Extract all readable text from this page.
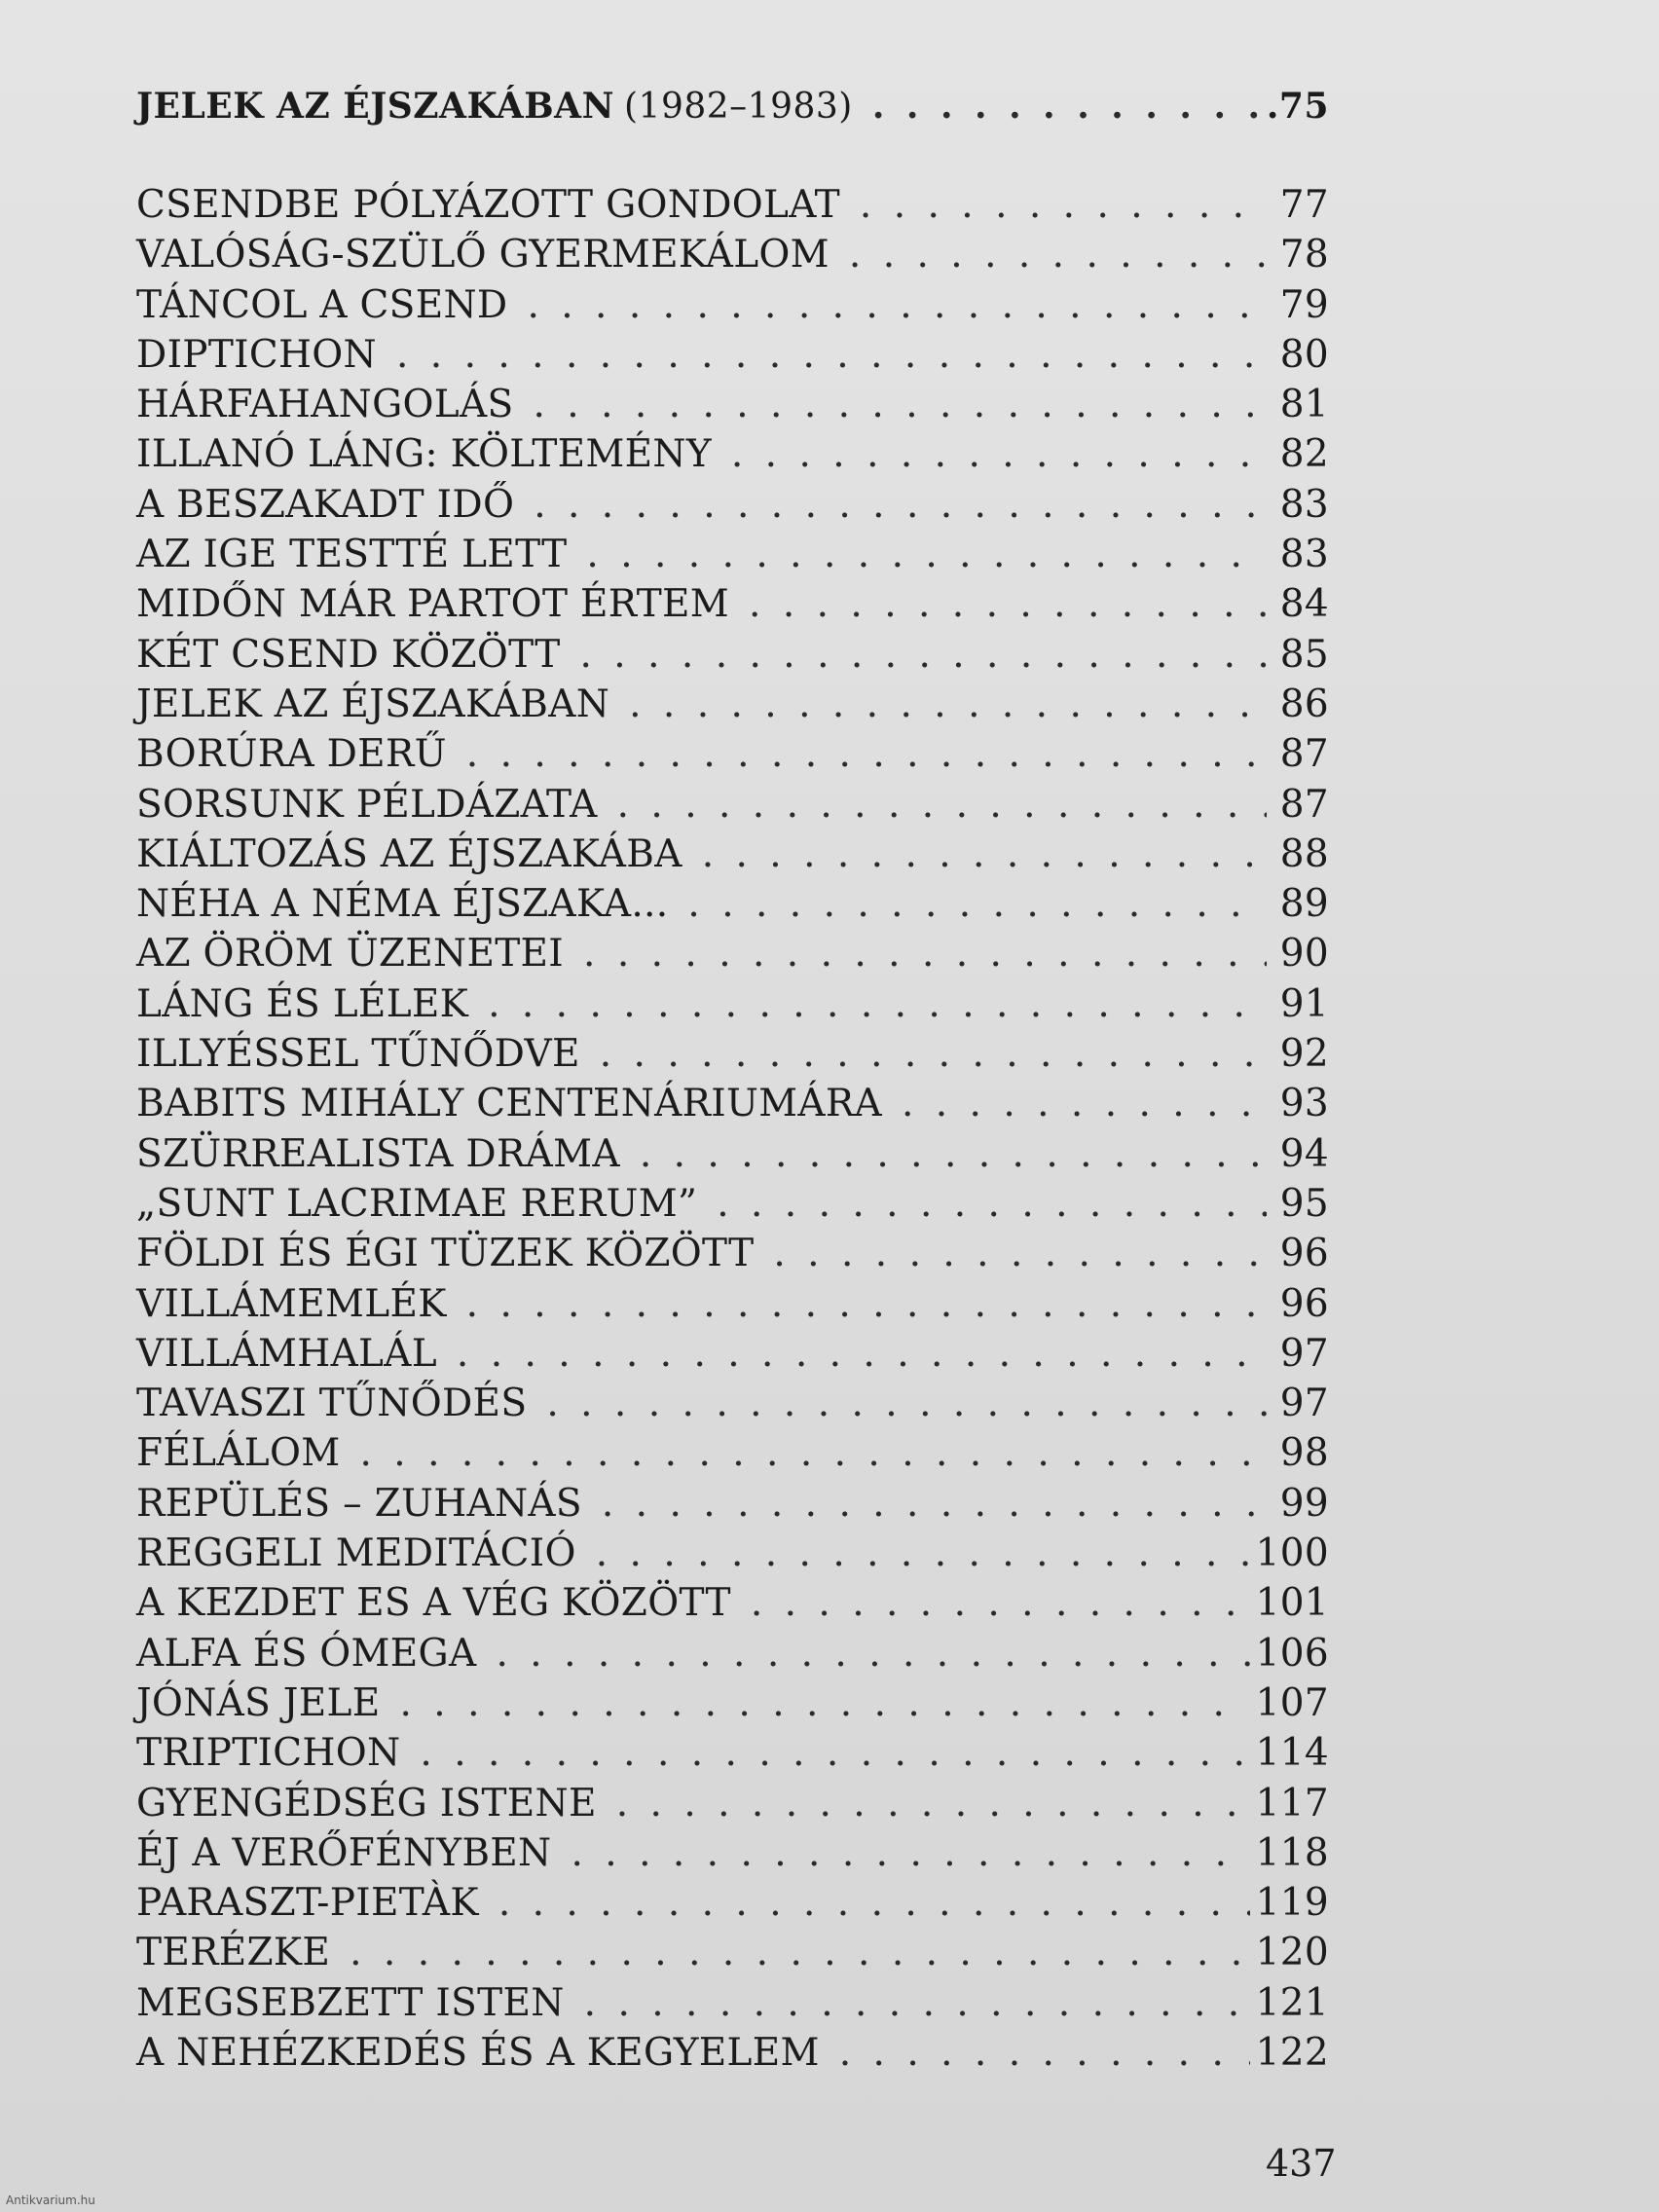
JELEK AZ ÉJSZAKÁBAN (1982–1983) . . .	.75
CSENDBE PÓLYÁZOTT GONDOLAT . . .	77
VALÓSÁG-SZÜLŐ GYERMEKÁLOM . . .	78
TÁNCOL A CSEND . . .	79
DIPTICHON . . .	80
HÁRFAHANGOLÁS . . .	81
ILLANÓ LÁNG: KÖLTEMÉNY . . .	82
A BESZAKADT IDŐ . . .	83
AZ IGE TESTTÉ LETT . . .	83
MIDŐN MÁR PARTOT ÉRTEM . . .	84
KÉT CSEND KÖZÖTT . . .	85
JELEK AZ ÉJSZAKÁBAN . . .	86
BORÚRA DERŰ . . .	87
SORSUNK PÉLDÁZATA . . .	87
KIÁLTOZÁS AZ ÉJSZAKÁBA . . .	88
NÉHA A NÉMA ÉJSZAKA... . . .	89
AZ ÖRÖM ÜZENETEI . . .	90
LÁNG ÉS LÉLEK . . .	91
ILLYÉSSEL TŰNŐDVE . . .	92
BABITS MIHÁLY CENTENÁRIUMÁRA . . .	93
SZÜRREALISTA DRÁMA . . .	94
„SUNT LACRIMAE RERUM” . . .	95
FÖLDI ÉS ÉGI TÜZEK KÖZÖTT . . .	96
VILLÁMEMLÉK . . .	96
VILLÁMHALÁL . . .	97
TAVASZI TŰNŐDÉS . . .	97
FÉLÁLOM . . .	98
REPÜLÉS – ZUHANÁS . . .	99
REGGELI MEDITÁCIÓ . . .	100
A KEZDET ES A VÉG KÖZÖTT . . .	101
ALFA ÉS ÓMEGA . . .	106
JÓNÁS JELE . . .	107
TRIPTICHON . . .	114
GYENGÉDSÉG ISTENE . . .	117
ÉJ A VERŐFÉNYBEN . . .	118
PARASZT-PIETÀK . . .	119
TERÉZKE . . .	120
MEGSEBZETT ISTEN . . .	121
A NEHÉZKEDÉS ÉS A KEGYELEM . . .	122
437
Antikvarium.hu
